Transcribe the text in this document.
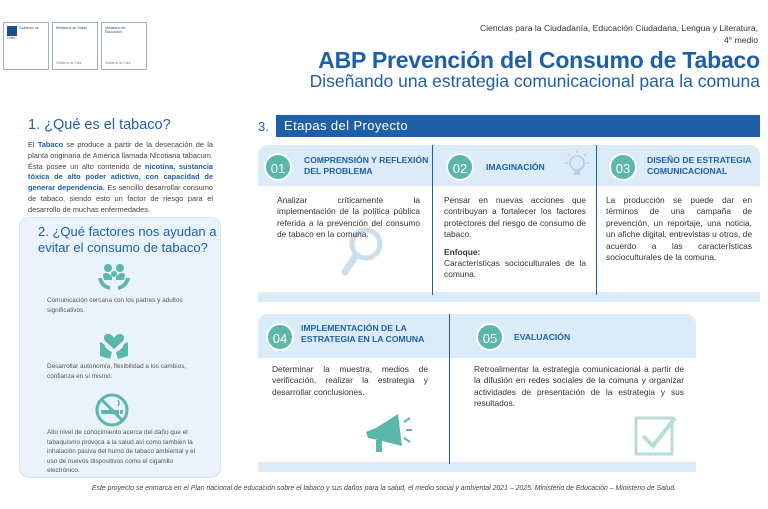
Gobierno de Chile
Ministerio de Salud
Gobierno de Chile
Ministerio de Educación
Gobierno de Chile
Ciencias para la Ciudadanía, Educación Ciudadana, Lengua y Literatura,
4° medio
ABP Prevención del Consumo de Tabaco
Diseñando una estrategia comunicacional para la comuna
1. ¿Qué es el tabaco?
El Tabaco se produce a partir de la desecación de la planta originaria de América llamada Nicotiana tabacum. Ésta posee un alto contenido de nicotina, sustancia tóxica de alto poder adictivo, con capacidad de generar dependencia. Es sencillo desarrollar consumo de tabaco, siendo esto un factor de riesgo para el desarrollo de muchas enfermedades.
2. ¿Qué factores nos ayudan a evitar el consumo de tabaco?
Comunicación cercana con los padres y adultos significativos.
Desarrollar autonomía, flexibilidad a los cambios, confianza en sí mismo.
Alto nivel de conocimiento acerca del daño que el tabaquismo provoca a la salud así como también la inhalación pasiva del humo de tabaco ambiental y el uso de nuevos dispositivos como el cigarrillo electrónico.
3.	Etapas del Proyecto
01
COMPRENSIÓN Y REFLEXIÓN DEL PROBLEMA
Analizar críticamente la implementación de la política pública referida a la prevención del consumo de tabaco en la comuna.
02	IMAGINACIÓN
Pensar en nuevas acciones que contribuyan a fortalecer los factores protectores del riesgo de consumo de tabaco.
Enfoque:
Características socioculturales de la comuna.
03
DISEÑO DE ESTRATEGIA COMUNICACIONAL
La producción se puede dar en términos de una campaña de prevención, un reportaje, una noticia, un afiche digital, entrevistas u otros, de acuerdo a las características socioculturales de la comuna.
04
IMPLEMENTACIÓN DE LA ESTRATEGIA EN LA COMUNA
Determinar la muestra, medios de verificación, realizar la estrategia y desarrollar conclusiones.
05	EVALUACIÓN
Retroalimentar la estrategia comunicacional a partir de la difusión en redes sociales de la comuna y organizar actividades de presentación de la estrategia y sus resultados.
Este proyecto se enmarca en el Plan nacional de educación sobre el tabaco y sus daños para la salud, el medio social y ambiental 2021 – 2025. Ministerio de Educación – Ministerio de Salud.
